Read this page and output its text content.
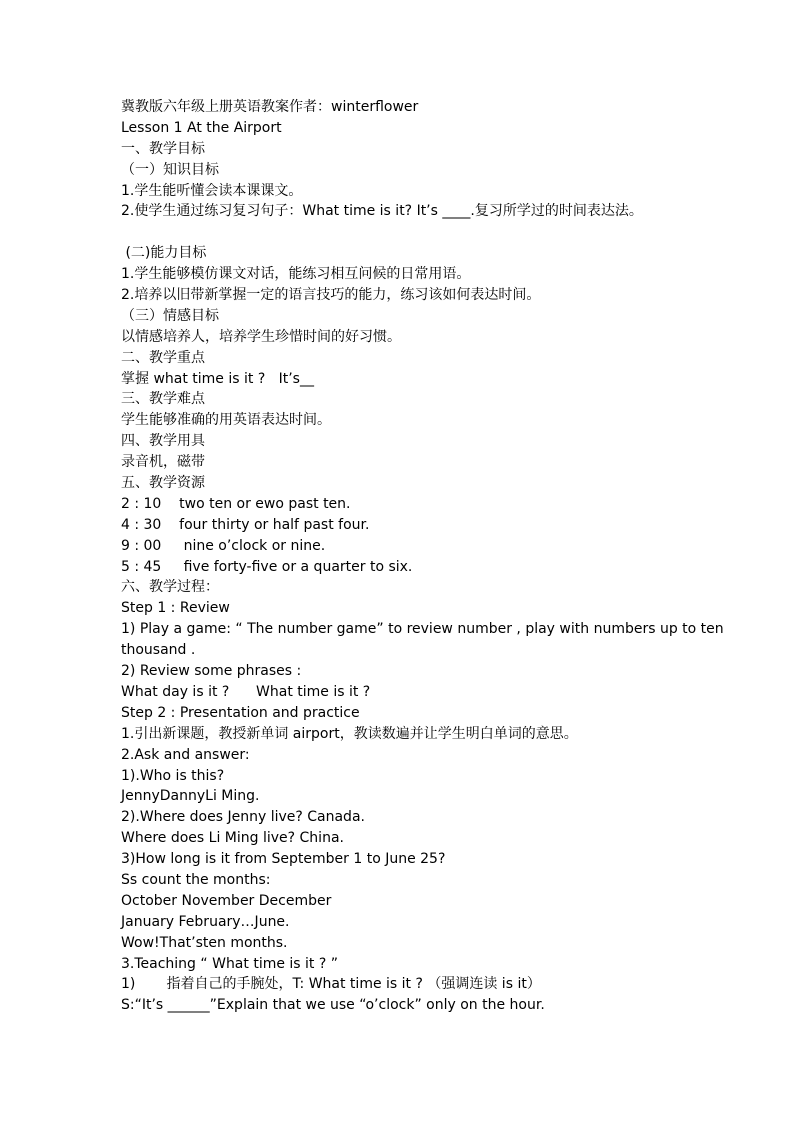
冀教版六年级上册英语教案作者：winterflower
Lesson 1 At the Airport
一、教学目标
（一）知识目标
1.学生能听懂会读本课课文。
2.使学生通过练习复习句子：What time is it? It’s ____.复习所学过的时间表达法。
(二)能力目标
1.学生能够模仿课文对话，能练习相互问候的日常用语。
2.培养以旧带新掌握一定的语言技巧的能力，练习该如何表达时间。
（三）情感目标
以情感培养人，培养学生珍惜时间的好习惯。
二、教学重点
掌握 what time is it ?   It’s__
三、教学难点
学生能够准确的用英语表达时间。
四、教学用具
录音机，磁带
五、教学资源
2 : 10    two ten or ewo past ten.
4 : 30    four thirty or half past four.
9 : 00     nine o’clock or nine.
5 : 45     five forty-five or a quarter to six.
六、教学过程：
Step 1 : Review
1) Play a game: “ The number game” to review number , play with numbers up to ten
thousand .
2) Review some phrases :
What day is it ?      What time is it ?
Step 2 : Presentation and practice
1.引出新课题，教授新单词 airport，教读数遍并让学生明白单词的意思。
2.Ask and answer:
1).Who is this?
JennyDannyLi Ming.
2).Where does Jenny live? Canada.
Where does Li Ming live? China.
3)How long is it from September 1 to June 25?
Ss count the months:
October November December
January February…June.
Wow!That’sten months.
3.Teaching “ What time is it ? ”
1)       指着自己的手腕处，T: What time is it ? （强调连读 is it）
S:“It’s ______”Explain that we use “o’clock” only on the hour.
